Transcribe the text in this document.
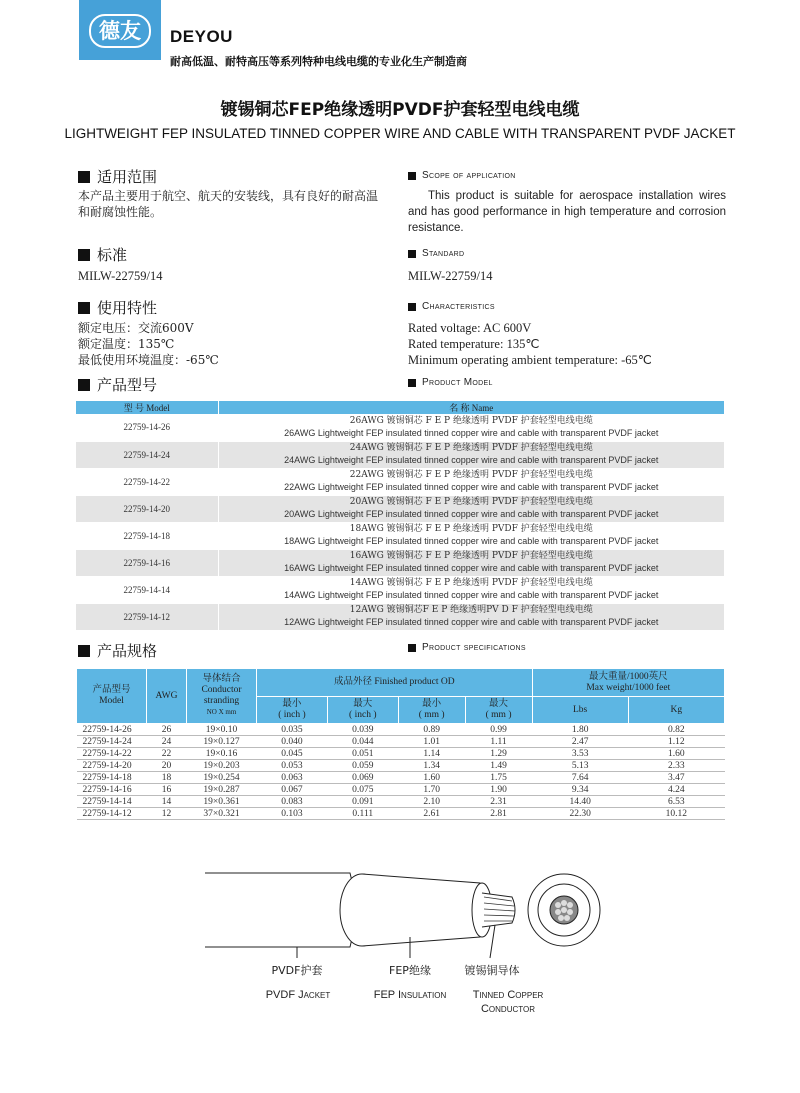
德友	DEYOU
耐高低温、耐特高压等系列特种电线电缆的专业化生产制造商
镀锡铜芯FEP绝缘透明PVDF护套轻型电线电缆
LIGHTWEIGHT FEP INSULATED TINNED COPPER WIRE AND CABLE WITH TRANSPARENT PVDF JACKET
适用范围	Scope of application
本产品主要用于航空、航天的安装线，具有良好的耐高温和耐腐蚀性能。
This product is suitable for aerospace installation wires and has good performance in high temperature and corrosion resistance.
标准	Standard
MILW-22759/14	MILW-22759/14
使用特性	Characteristics
额定电压：交流600V
额定温度：135℃
最低使用环境温度：-65℃
Rated voltage: AC 600V
Rated temperature: 135℃
Minimum operating ambient temperature: -65℃
产品型号	Product Model
型 号 Model	名 称 Name
22759-14-26	26AWG 镀锡铜芯 F E P 绝缘透明 PVDF 护套轻型电线电缆
26AWG Lightweight FEP insulated tinned copper wire and cable with transparent PVDF jacket

22759-14-24	24AWG 镀锡铜芯 F E P 绝缘透明 PVDF 护套轻型电线电缆
24AWG Lightweight FEP insulated tinned copper wire and cable with transparent PVDF jacket

22759-14-22	22AWG 镀锡铜芯 F E P 绝缘透明 PVDF 护套轻型电线电缆
22AWG Lightweight FEP insulated tinned copper wire and cable with transparent PVDF jacket

22759-14-20	20AWG 镀锡铜芯 F E P 绝缘透明 PVDF 护套轻型电线电缆
20AWG Lightweight FEP insulated tinned copper wire and cable with transparent PVDF jacket

22759-14-18	18AWG 镀锡铜芯 F E P 绝缘透明 PVDF 护套轻型电线电缆
18AWG Lightweight FEP insulated tinned copper wire and cable with transparent PVDF jacket

22759-14-16	16AWG 镀锡铜芯 F E P 绝缘透明 PVDF 护套轻型电线电缆
16AWG Lightweight FEP insulated tinned copper wire and cable with transparent PVDF jacket

22759-14-14	14AWG 镀锡铜芯 F E P 绝缘透明 PVDF 护套轻型电线电缆
14AWG Lightweight FEP insulated tinned copper wire and cable with transparent PVDF jacket

22759-14-12	12AWG 镀锡铜芯F E P 绝缘透明PV D F 护套轻型电线电缆
12AWG Lightweight FEP insulated tinned copper wire and cable with transparent PVDF jacket
产品规格	Product specifications
产品型号
Model	AWG	导体结合
Conductor
stranding
NO X mm	成品外径 Finished product OD				最大重量/1000英尺
Max weight/1000 feet	

			最小
( inch )	最大
( inch )	最小
( mm )	最大
( mm )	Lbs	Kg
22759-14-26	26	19×0.10	0.035	0.039	0.89	0.99	1.80	0.82
22759-14-24	24	19×0.127	0.040	0.044	1.01	1.11	2.47	1.12
22759-14-22	22	19×0.16	0.045	0.051	1.14	1.29	3.53	1.60
22759-14-20	20	19×0.203	0.053	0.059	1.34	1.49	5.13	2.33
22759-14-18	18	19×0.254	0.063	0.069	1.60	1.75	7.64	3.47
22759-14-16	16	19×0.287	0.067	0.075	1.70	1.90	9.34	4.24
22759-14-14	14	19×0.361	0.083	0.091	2.10	2.31	14.40	6.53
22759-14-12	12	37×0.321	0.103	0.111	2.61	2.81	22.30	10.12
PVDF护套	FEP绝缘	镀锡铜导体
PVDF Jacket	FEP Insulation	Tinned Copper
Conductor
